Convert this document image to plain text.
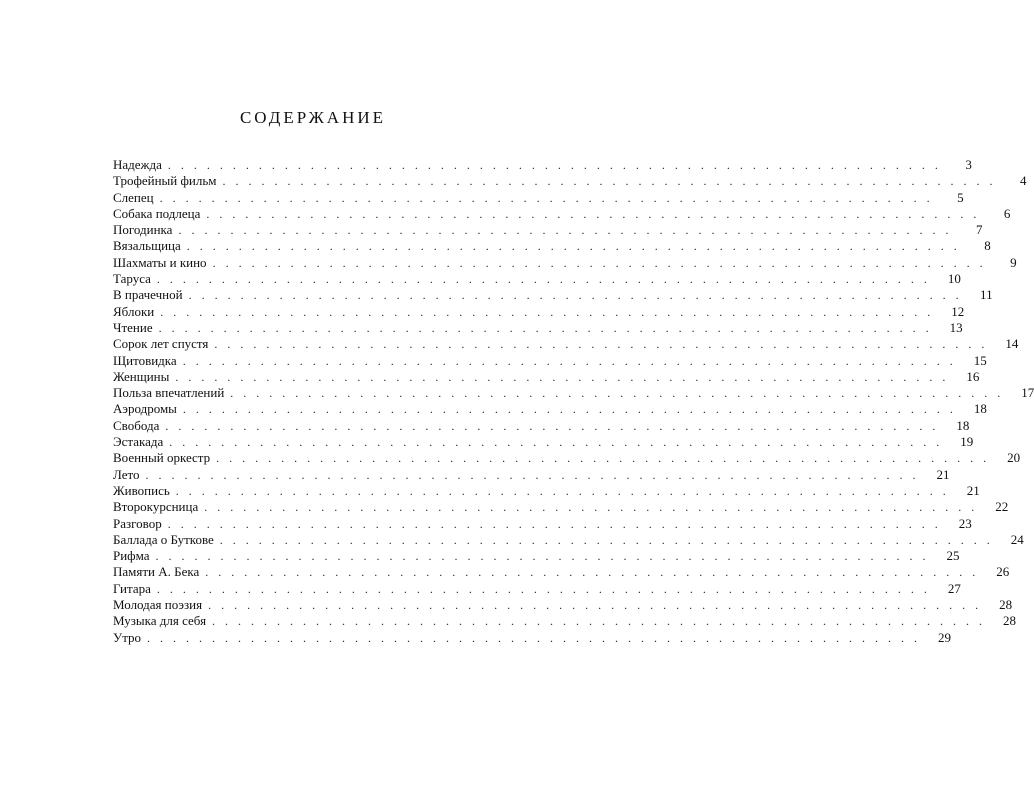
СОДЕРЖАНИЕ
Надежда ............................................................	3
Трофейный фильм ............................................................	4
Слепец ............................................................	5
Собака подлеца ............................................................	6
Погодинка ............................................................	7
Вязальщица ............................................................	8
Шахматы и кино ............................................................	9
Таруса ............................................................ 10
В прачечной ............................................................ 11
Яблоки ............................................................ 12
Чтение ............................................................ 13
Сорок лет спустя ............................................................ 14
Щитовидка ............................................................ 15
Женщины ............................................................ 16
Польза впечатлений ............................................................ 17
Аэродромы ............................................................ 18
Свобода ............................................................ 18
Эстакада ............................................................ 19
Военный оркестр ............................................................ 20
Лето ............................................................ 21
Живопись ............................................................ 21
Второкурсница ............................................................ 22
Разговор ............................................................ 23
Баллада о Буткове ............................................................ 24
Рифма ............................................................ 25
Памяти А. Бека ............................................................ 26
Гитара ............................................................ 27
Молодая поэзия ............................................................ 28
Музыка для себя ............................................................ 28
Утро ............................................................ 29
